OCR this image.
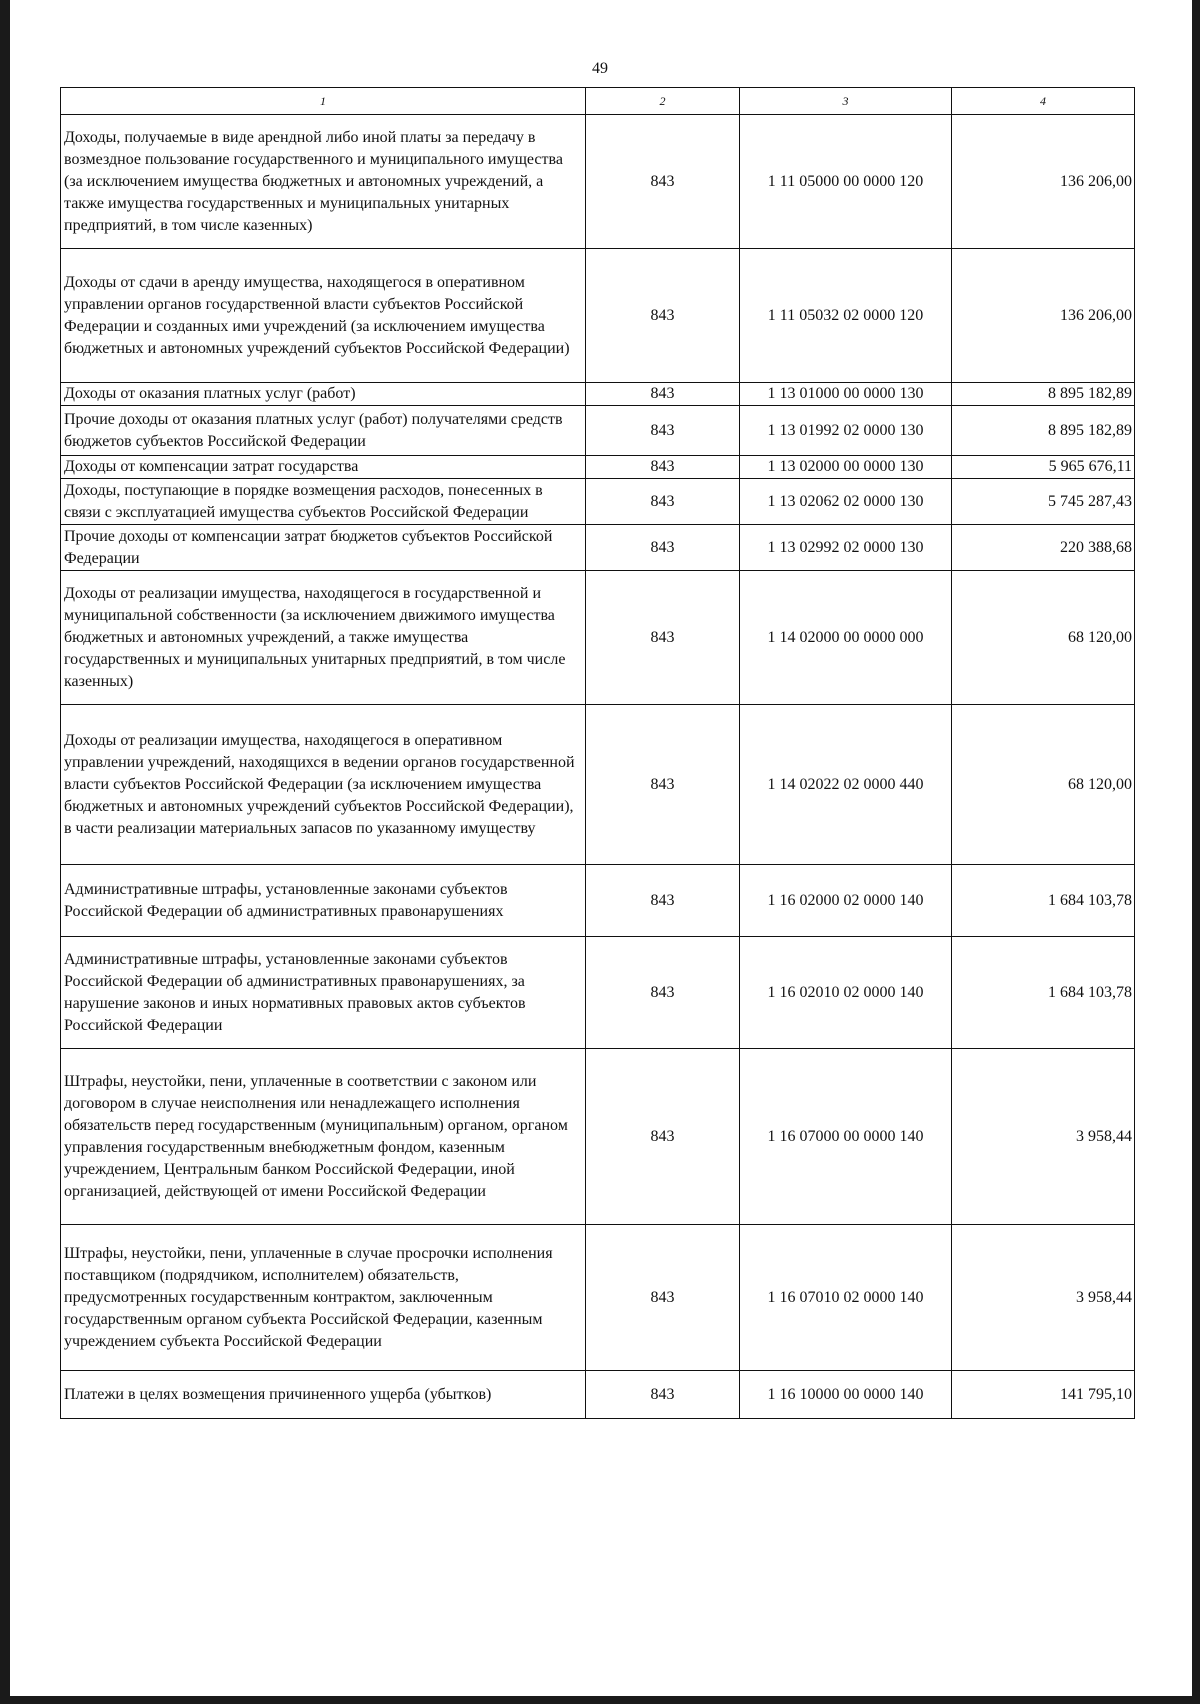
49
1	2	3	4
Доходы, получаемые в виде арендной либо иной платы за передачу в возмездное пользование государственного и муниципального имущества (за исключением имущества бюджетных и автономных учреждений, а также имущества государственных и муниципальных унитарных предприятий, в том числе казенных)	843	1 11 05000 00 0000 120	136 206,00
Доходы от сдачи в аренду имущества, находящегося в оперативном управлении органов государственной власти субъектов Российской Федерации и созданных ими учреждений (за исключением имущества бюджетных и автономных учреждений субъектов Российской Федерации)	843	1 11 05032 02 0000 120	136 206,00
Доходы от оказания платных услуг (работ)	843	1 13 01000 00 0000 130	8 895 182,89
Прочие доходы от оказания платных услуг (работ) получателями средств бюджетов субъектов Российской Федерации	843	1 13 01992 02 0000 130	8 895 182,89
Доходы от компенсации затрат государства	843	1 13 02000 00 0000 130	5 965 676,11
Доходы, поступающие в порядке возмещения расходов, понесенных в связи с эксплуатацией имущества субъектов Российской Федерации	843	1 13 02062 02 0000 130	5 745 287,43
Прочие доходы от компенсации затрат бюджетов субъектов Российской Федерации	843	1 13 02992 02 0000 130	220 388,68
Доходы от реализации имущества, находящегося в государственной и муниципальной собственности (за исключением движимого имущества бюджетных и автономных учреждений, а также имущества государственных и муниципальных унитарных предприятий, в том числе казенных)	843	1 14 02000 00 0000 000	68 120,00
Доходы от реализации имущества, находящегося в оперативном управлении учреждений, находящихся в ведении органов государственной власти субъектов Российской Федерации (за исключением имущества бюджетных и автономных учреждений субъектов Российской Федерации), в части реализации материальных запасов по указанному имуществу	843	1 14 02022 02 0000 440	68 120,00
Административные штрафы, установленные законами субъектов Российской Федерации об административных правонарушениях	843	1 16 02000 02 0000 140	1 684 103,78
Административные штрафы, установленные законами субъектов Российской Федерации об административных правонарушениях, за нарушение законов и иных нормативных правовых актов субъектов Российской Федерации	843	1 16 02010 02 0000 140	1 684 103,78
Штрафы, неустойки, пени, уплаченные в соответствии с законом или договором в случае неисполнения или ненадлежащего исполнения обязательств перед государственным (муниципальным) органом, органом управления государственным внебюджетным фондом, казенным учреждением, Центральным банком Российской Федерации, иной организацией, действующей от имени Российской Федерации	843	1 16 07000 00 0000 140	3 958,44
Штрафы, неустойки, пени, уплаченные в случае просрочки исполнения поставщиком (подрядчиком, исполнителем) обязательств, предусмотренных государственным контрактом, заключенным государственным органом субъекта Российской Федерации, казенным учреждением субъекта Российской Федерации	843	1 16 07010 02 0000 140	3 958,44
Платежи в целях возмещения причиненного ущерба (убытков)	843	1 16 10000 00 0000 140	141 795,10
